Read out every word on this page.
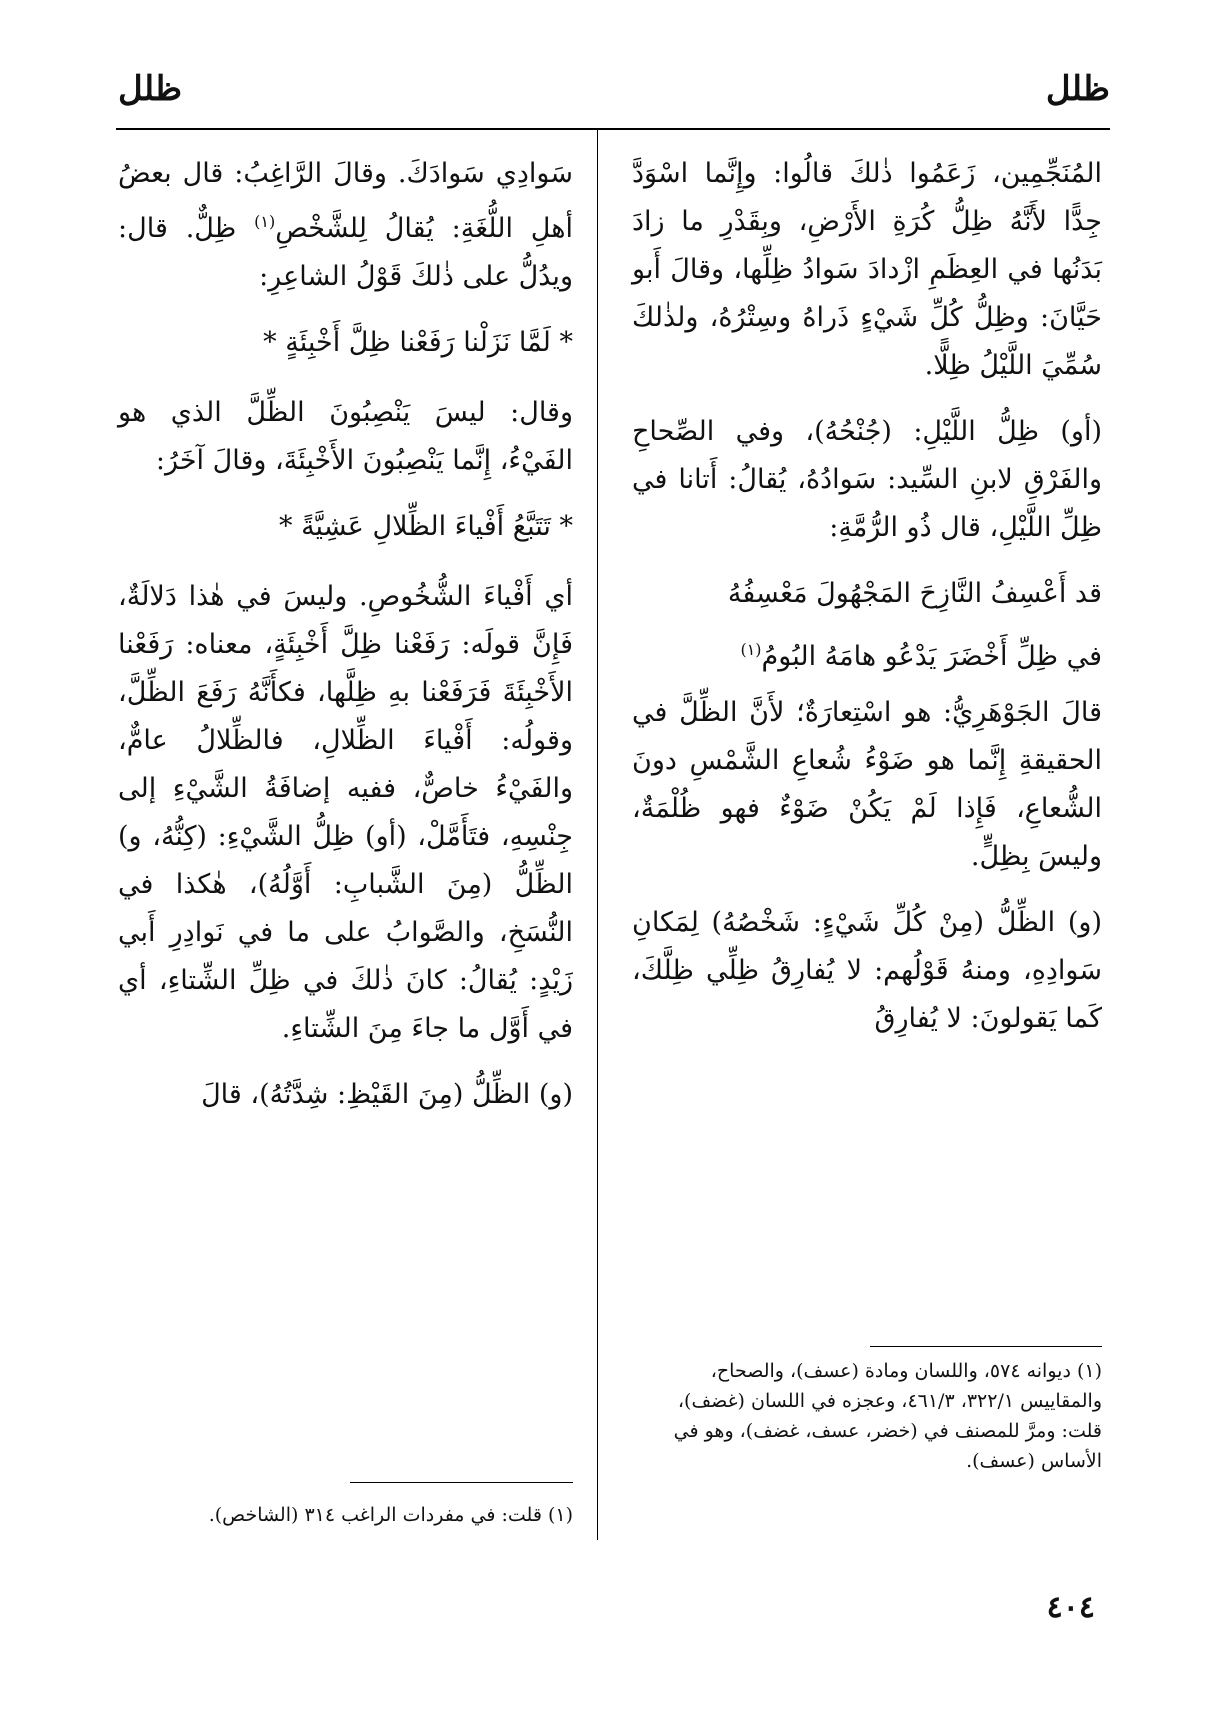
ظلل
ظلل

المُنَجِّمِين، زَعَمُوا ذٰلكَ قالُوا: وإِنَّما اسْوَدَّ جِدًّا لأَنَّهُ ظِلُّ كُرَةِ الأَرْضِ، وبِقَدْرِ ما زادَ بَدَنُها في العِظَمِ ازْدادَ سَوادُ ظِلِّها، وقالَ أَبو حَيَّانَ: وظِلُّ كُلِّ شَيْءٍ ذَراهُ وسِتْرُهُ، ولذٰلكَ سُمِّيَ اللَّيْلُ ظِلًّا.

(أو) ظِلُّ اللَّيْلِ: (جُنْحُهُ)، وفي الصِّحاحِ والفَرْقِ لابنِ السِّيد: سَوادُهُ، يُقالُ: أَتانا في ظِلِّ اللَّيْلِ، قال ذُو الرُّمَّةِ:

قد أَعْسِفُ النَّازِحَ المَجْهُولَ مَعْسِفُهُ

في ظِلِّ أَخْضَرَ يَدْعُو هامَهُ البُومُ$^{(١)}$

قالَ الجَوْهَرِيُّ: هو اسْتِعارَةٌ؛ لأَنَّ الظِّلَّ في الحقيقةِ إِنَّما هو ضَوْءُ شُعاعِ الشَّمْسِ دونَ الشُّعاعِ، فَإِذا لَمْ يَكُنْ ضَوْءٌ فهو ظُلْمَةٌ، وليسَ بِظِلٍّ.

(و) الظِّلُّ (مِنْ كُلِّ شَيْءٍ: شَخْصُهُ) لِمَكانِ سَوادِهِ، ومنهُ قَوْلُهم: لا يُفارِقُ ظِلِّي ظِلَّكَ، كَما يَقولونَ: لا يُفارِقُ

(١) ديوانه ٥٧٤، واللسان ومادة (عسف)، والصحاح، والمقاييس ٣٢٢/١، ٤٦١/٣، وعجزه في اللسان (غضف)، قلت: ومرَّ للمصنف في (خضر، عسف، غضف)، وهو في الأساس (عسف).

سَوادِي سَوادَكَ. وقالَ الرَّاغِبُ: قال بعضُ أهلِ اللُّغَةِ: يُقالُ لِلشَّخْصِ$^{(١)}$ ظِلٌّ. قال: ويدُلُّ على ذٰلكَ قَوْلُ الشاعِرِ:

* لَمَّا نَزَلْنا رَفَعْنا ظِلَّ أَخْبِئَةٍ *

وقال: ليسَ يَنْصِبُونَ الظِّلَّ الذي هو الفَيْءُ، إِنَّما يَنْصِبُونَ الأَخْبِئَةَ، وقالَ آخَرُ:

* تَتَبَّعُ أَفْياءَ الظِّلالِ عَشِيَّةً *

أي أَفْياءَ الشُّخُوصِ. وليسَ في هٰذا دَلالَةٌ، فَإِنَّ قولَه: رَفَعْنا ظِلَّ أَخْبِئَةٍ، معناه: رَفَعْنا الأَخْبِئَةَ فَرَفَعْنا بهِ ظِلَّها، فكأَنَّهُ رَفَعَ الظِّلَّ، وقولُه: أَفْياءَ الظِّلالِ، فالظِّلالُ عامٌّ، والفَيْءُ خاصٌّ، ففيه إضافَةُ الشَّيْءِ إلى جِنْسِهِ، فتَأَمَّلْ، (أو) ظِلُّ الشَّيْءِ: (كِنُّهُ، و) الظِّلُّ (مِنَ الشَّبابِ: أَوَّلُهُ)، هٰكذا في النُّسَخِ، والصَّوابُ على ما في نَوادِرِ أَبي زَيْدٍ: يُقالُ: كانَ ذٰلكَ في ظِلِّ الشِّتاءِ، أي في أَوَّل ما جاءَ مِنَ الشِّتاءِ.

(و) الظِّلُّ (مِنَ القَيْظِ: شِدَّتُهُ)، قالَ

(١) قلت: في مفردات الراغب ٣١٤ (الشاخص).

٤٠٤
